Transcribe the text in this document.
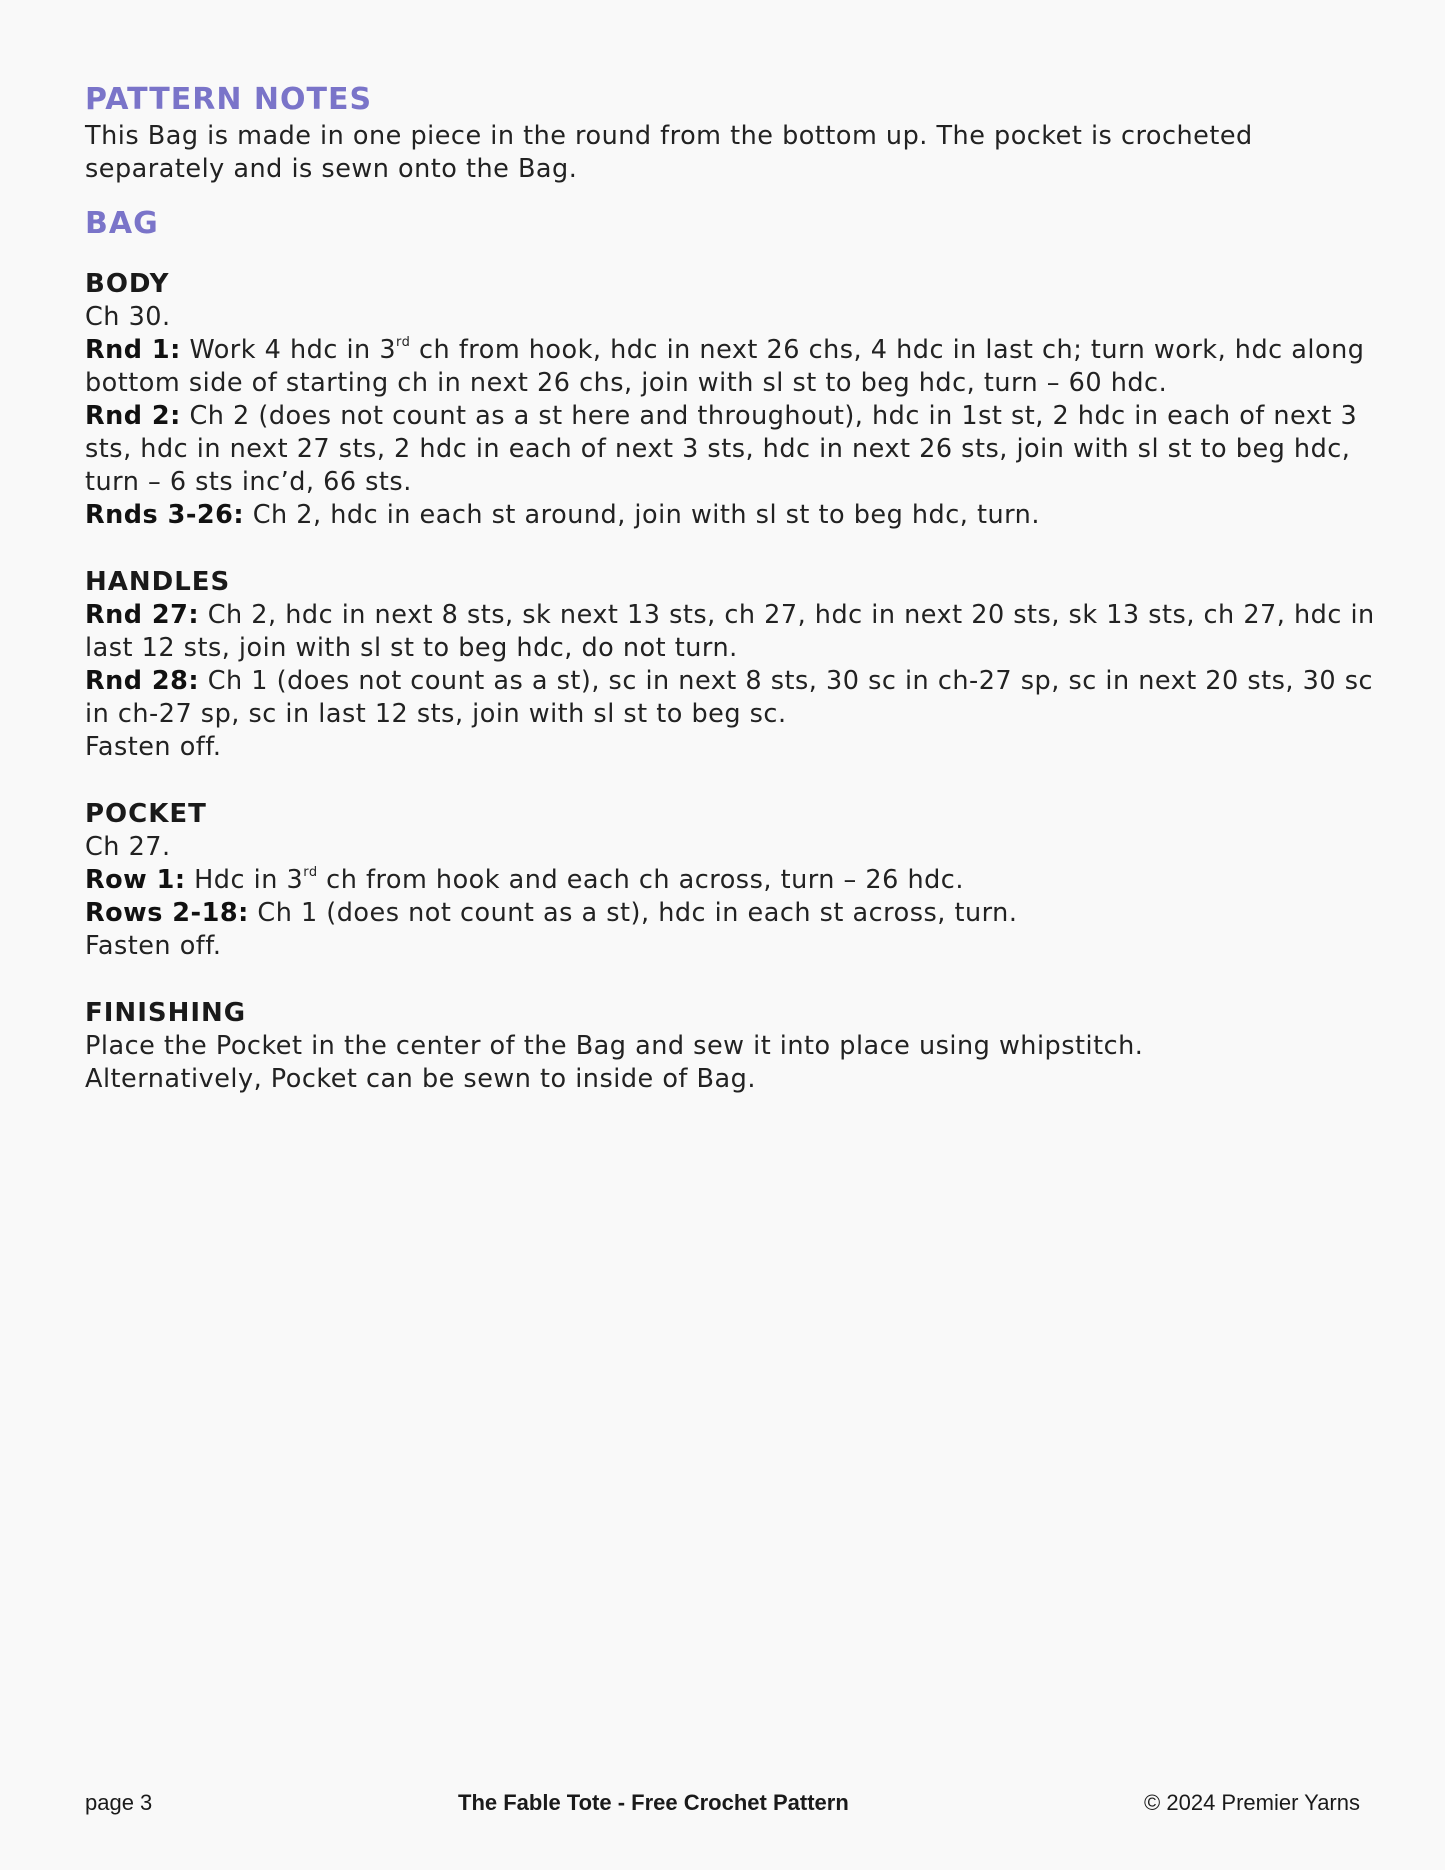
PATTERN NOTES

This Bag is made in one piece in the round from the bottom up. The pocket is crocheted separately and is sewn onto the Bag.

BAG
BODY

Ch 30.

Rnd 1: Work 4 hdc in 3rd ch from hook, hdc in next 26 chs, 4 hdc in last ch; turn work, hdc along bottom side of starting ch in next 26 chs, join with sl st to beg hdc, turn – 60 hdc.

Rnd 2: Ch 2 (does not count as a st here and throughout), hdc in 1st st, 2 hdc in each of next 3 sts, hdc in next 27 sts, 2 hdc in each of next 3 sts, hdc in next 26 sts, join with sl st to beg hdc, turn – 6 sts inc’d, 66 sts.

Rnds 3-26: Ch 2, hdc in each st around, join with sl st to beg hdc, turn.

HANDLES

Rnd 27: Ch 2, hdc in next 8 sts, sk next 13 sts, ch 27, hdc in next 20 sts, sk 13 sts, ch 27, hdc in last 12 sts, join with sl st to beg hdc, do not turn.

Rnd 28: Ch 1 (does not count as a st), sc in next 8 sts, 30 sc in ch-27 sp, sc in next 20 sts, 30 sc in ch-27 sp, sc in last 12 sts, join with sl st to beg sc.

Fasten off.

POCKET

Ch 27.

Row 1: Hdc in 3rd ch from hook and each ch across, turn – 26 hdc.

Rows 2-18: Ch 1 (does not count as a st), hdc in each st across, turn.

Fasten off.

FINISHING

Place the Pocket in the center of the Bag and sew it into place using whipstitch. Alternatively, Pocket can be sewn to inside of Bag.

page 3	The Fable Tote - Free Crochet Pattern	© 2024 Premier Yarns
